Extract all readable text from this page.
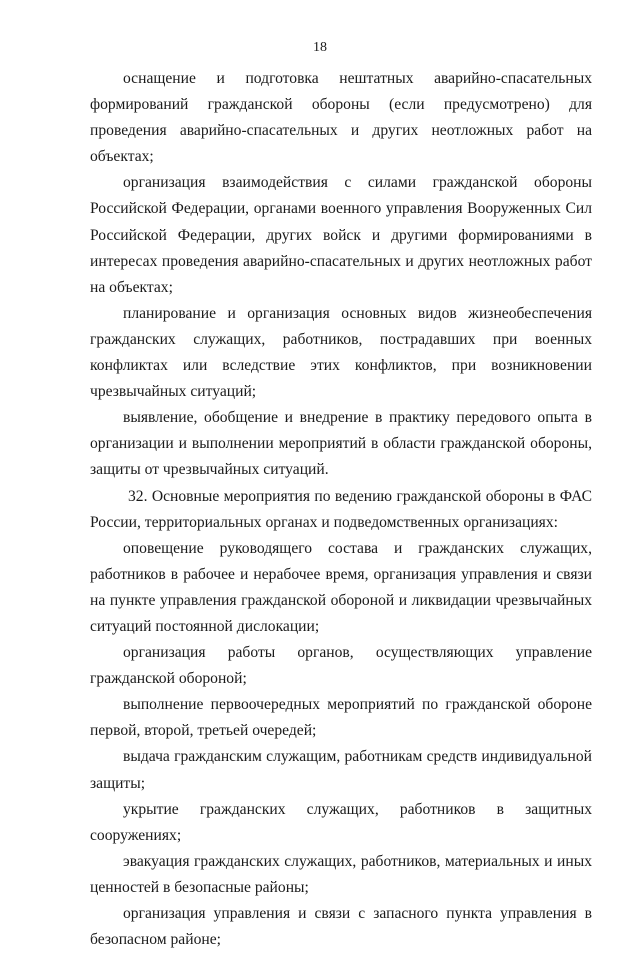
18

оснащение и подготовка нештатных аварийно-спасательных формирований гражданской обороны (если предусмотрено) для проведения аварийно-спасательных и других неотложных работ на объектах;

организация взаимодействия с силами гражданской обороны Российской Федерации, органами военного управления Вооруженных Сил Российской Федерации, других войск и другими формированиями в интересах проведения аварийно-спасательных и других неотложных работ на объектах;

планирование и организация основных видов жизнеобеспечения гражданских служащих, работников, пострадавших при военных конфликтах или вследствие этих конфликтов, при возникновении чрезвычайных ситуаций;

выявление, обобщение и внедрение в практику передового опыта в организации и выполнении мероприятий в области гражданской обороны, защиты от чрезвычайных ситуаций.

32. Основные мероприятия по ведению гражданской обороны в ФАС России, территориальных органах и подведомственных организациях:

оповещение руководящего состава и гражданских служащих, работников в рабочее и нерабочее время, организация управления и связи на пункте управления гражданской обороной и ликвидации чрезвычайных ситуаций постоянной дислокации;

организация работы органов, осуществляющих управление гражданской обороной;

выполнение первоочередных мероприятий по гражданской обороне первой, второй, третьей очередей;

выдача гражданским служащим, работникам средств индивидуальной защиты;

укрытие гражданских служащих, работников в защитных сооружениях;

эвакуация гражданских служащих, работников, материальных и иных ценностей в безопасные районы;

организация управления и связи с запасного пункта управления в безопасном районе;
